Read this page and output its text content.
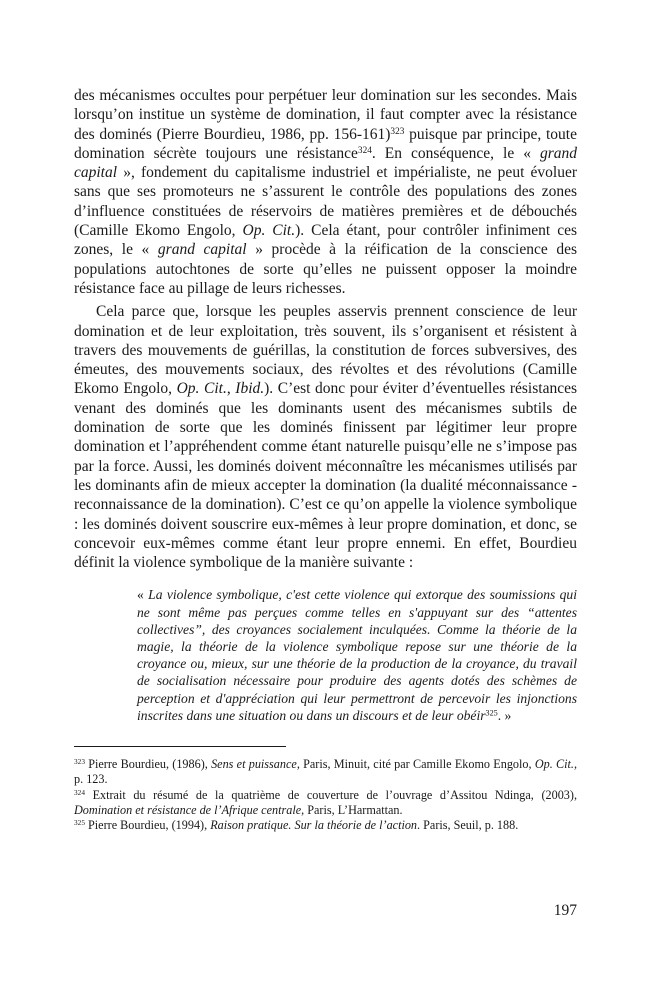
des mécanismes occultes pour perpétuer leur domination sur les secondes. Mais lorsqu’on institue un système de domination, il faut compter avec la résistance des dominés (Pierre Bourdieu, 1986, pp. 156-161)$^{323}$ puisque par principe, toute domination sécrète toujours une résistance$^{324}$. En conséquence, le « grand capital », fondement du capitalisme industriel et impérialiste, ne peut évoluer sans que ses promoteurs ne s’assurent le contrôle des populations des zones d’influence constituées de réservoirs de matières premières et de débouchés (Camille Ekomo Engolo, Op. Cit.). Cela étant, pour contrôler infiniment ces zones, le « grand capital » procède à la réification de la conscience des populations autochtones de sorte qu’elles ne puissent opposer la moindre résistance face au pillage de leurs richesses.

Cela parce que, lorsque les peuples asservis prennent conscience de leur domination et de leur exploitation, très souvent, ils s’organisent et résistent à travers des mouvements de guérillas, la constitution de forces subversives, des émeutes, des mouvements sociaux, des révoltes et des révolutions (Camille Ekomo Engolo, Op. Cit., Ibid.). C’est donc pour éviter d’éventuelles résistances venant des dominés que les dominants usent des mécanismes subtils de domination de sorte que les dominés finissent par légitimer leur propre domination et l’appréhendent comme étant naturelle puisqu’elle ne s’impose pas par la force. Aussi, les dominés doivent méconnaître les mécanismes utilisés par les dominants afin de mieux accepter la domination (la dualité méconnaissance - reconnaissance de la domination). C’est ce qu’on appelle la violence symbolique : les dominés doivent souscrire eux-mêmes à leur propre domination, et donc, se concevoir eux-mêmes comme étant leur propre ennemi. En effet, Bourdieu définit la violence symbolique de la manière suivante :

« La violence symbolique, c'est cette violence qui extorque des soumissions qui ne sont même pas perçues comme telles en s'appuyant sur des “attentes collectives”, des croyances socialement inculquées. Comme la théorie de la magie, la théorie de la violence symbolique repose sur une théorie de la croyance ou, mieux, sur une théorie de la production de la croyance, du travail de socialisation nécessaire pour produire des agents dotés des schèmes de perception et d'appréciation qui leur permettront de percevoir les injonctions inscrites dans une situation ou dans un discours et de leur obéir$^{325}$. »

$^{323}$ Pierre Bourdieu, (1986), Sens et puissance, Paris, Minuit, cité par Camille Ekomo Engolo, Op. Cit., p. 123.

$^{324}$ Extrait du résumé de la quatrième de couverture de l’ouvrage d’Assitou Ndinga, (2003), Domination et résistance de l’Afrique centrale, Paris, L’Harmattan.

$^{325}$ Pierre Bourdieu, (1994), Raison pratique. Sur la théorie de l’action. Paris, Seuil, p. 188.

197
